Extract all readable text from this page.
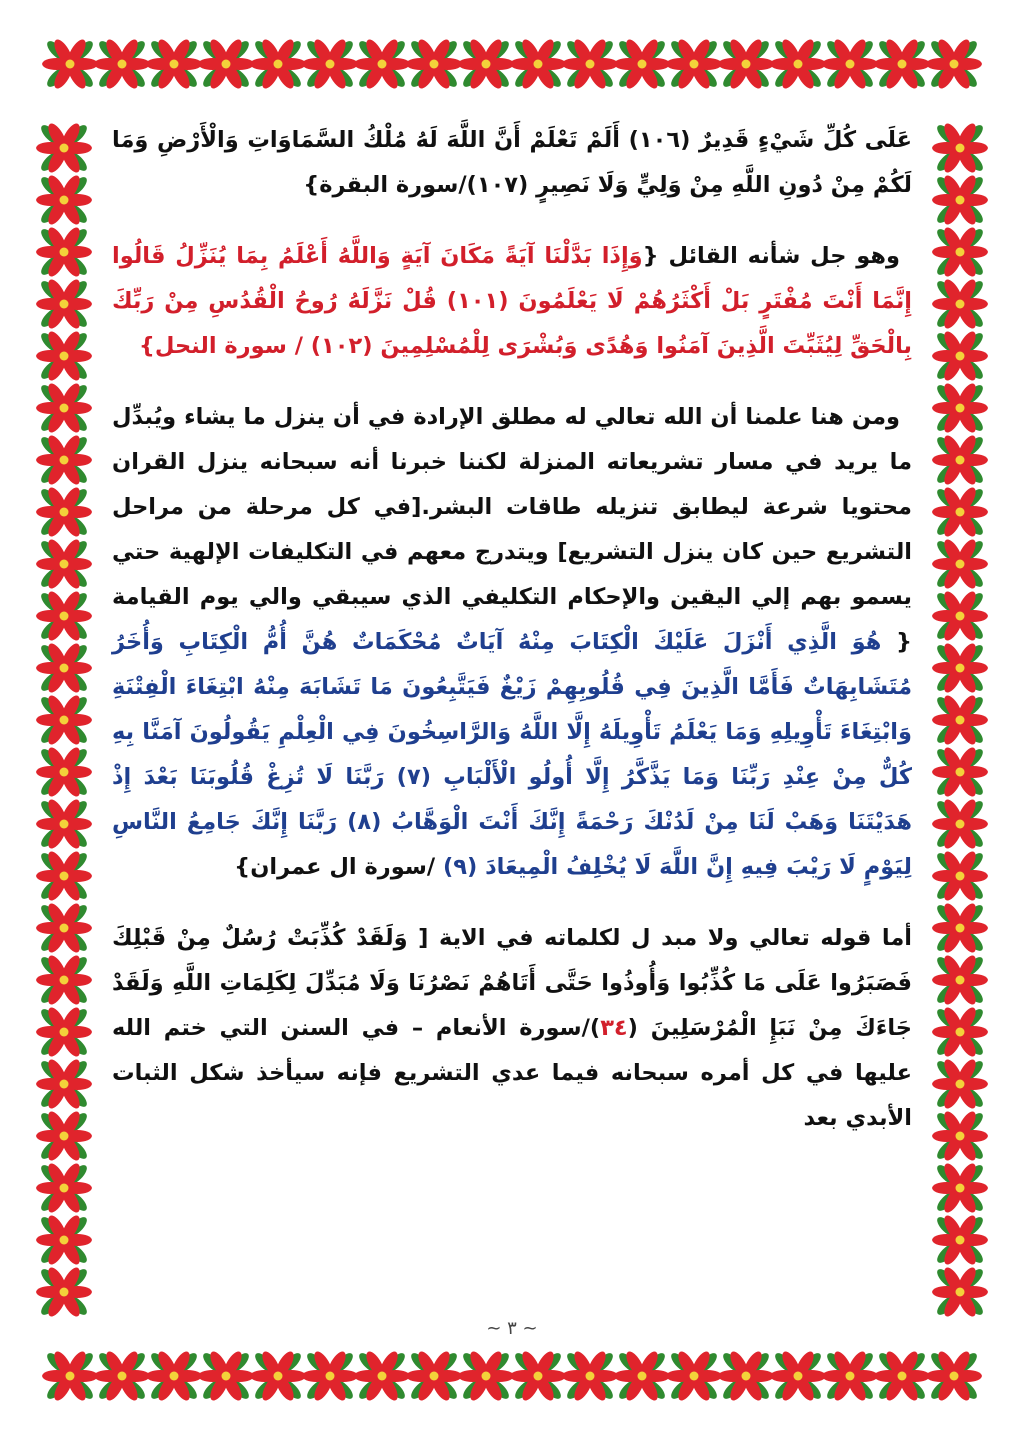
عَلَى كُلِّ شَيْءٍ قَدِيرٌ (١٠٦) أَلَمْ تَعْلَمْ أَنَّ اللَّهَ لَهُ مُلْكُ السَّمَاوَاتِ وَالْأَرْضِ وَمَا لَكُمْ مِنْ دُونِ اللَّهِ مِنْ وَلِيٍّ وَلَا نَصِيرٍ (١٠٧)/سورة البقرة}

وهو جل شأنه القائل {وَإِذَا بَدَّلْنَا آيَةً مَكَانَ آيَةٍ وَاللَّهُ أَعْلَمُ بِمَا يُنَزِّلُ قَالُوا إِنَّمَا أَنْتَ مُفْتَرٍ بَلْ أَكْثَرُهُمْ لَا يَعْلَمُونَ (١٠١) قُلْ نَزَّلَهُ رُوحُ الْقُدُسِ مِنْ رَبِّكَ بِالْحَقِّ لِيُثَبِّتَ الَّذِينَ آمَنُوا وَهُدًى وَبُشْرَى لِلْمُسْلِمِينَ (١٠٢) / سورة النحل}

ومن هنا علمنا أن الله تعالي له مطلق الإرادة في أن ينزل ما يشاء ويُبدِّل ما يريد في مسار تشريعاته المنزلة لكننا خبرنا أنه سبحانه ينزل القران محتويا شرعة ليطابق تنزيله طاقات البشر.[في كل مرحلة من مراحل التشريع حين كان ينزل التشريع] ويتدرج معهم في التكليفات الإلهية حتي يسمو بهم إلي اليقين والإحكام التكليفي الذي سيبقي والي يوم القيامة { هُوَ الَّذِي أَنْزَلَ عَلَيْكَ الْكِتَابَ مِنْهُ آيَاتٌ مُحْكَمَاتٌ هُنَّ أُمُّ الْكِتَابِ وَأُخَرُ مُتَشَابِهَاتٌ فَأَمَّا الَّذِينَ فِي قُلُوبِهِمْ زَيْغٌ فَيَتَّبِعُونَ مَا تَشَابَهَ مِنْهُ ابْتِغَاءَ الْفِتْنَةِ وَابْتِغَاءَ تَأْوِيلِهِ وَمَا يَعْلَمُ تَأْوِيلَهُ إِلَّا اللَّهُ وَالرَّاسِخُونَ فِي الْعِلْمِ يَقُولُونَ آمَنَّا بِهِ كُلٌّ مِنْ عِنْدِ رَبِّنَا وَمَا يَذَّكَّرُ إِلَّا أُولُو الْأَلْبَابِ (٧) رَبَّنَا لَا تُزِغْ قُلُوبَنَا بَعْدَ إِذْ هَدَيْتَنَا وَهَبْ لَنَا مِنْ لَدُنْكَ رَحْمَةً إِنَّكَ أَنْتَ الْوَهَّابُ (٨) رَبَّنَا إِنَّكَ جَامِعُ النَّاسِ لِيَوْمٍ لَا رَيْبَ فِيهِ إِنَّ اللَّهَ لَا يُخْلِفُ الْمِيعَادَ (٩) /سورة ال عمران}

أما قوله تعالي ولا مبد ل لكلماته في الاية [ وَلَقَدْ كُذِّبَتْ رُسُلٌ مِنْ قَبْلِكَ فَصَبَرُوا عَلَى مَا كُذِّبُوا وَأُوذُوا حَتَّى أَتَاهُمْ نَصْرُنَا وَلَا مُبَدِّلَ لِكَلِمَاتِ اللَّهِ وَلَقَدْ جَاءَكَ مِنْ نَبَإِ الْمُرْسَلِينَ (٣٤)/سورة الأنعام – في السنن التي ختم الله عليها في كل أمره سبحانه فيما عدي التشريع فإنه سيأخذ شكل الثبات الأبدي بعد

~ ٣ ~
